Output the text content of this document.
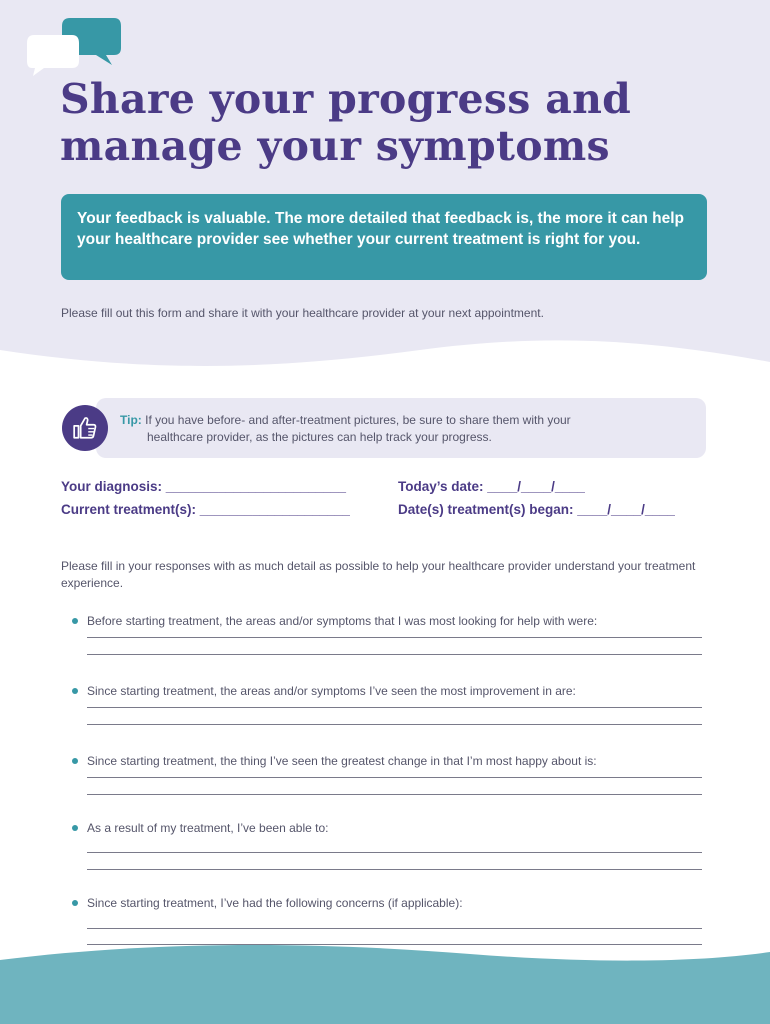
Share your progress and
manage your symptoms
Your feedback is valuable. The more detailed that feedback is, the more it can help your healthcare provider see whether your current treatment is right for you.
Please fill out this form and share it with your healthcare provider at your next appointment.
Tip: If you have before- and after-treatment pictures, be sure to share them with your
healthcare provider, as the pictures can help track your progress.
Your diagnosis: ________________________	Today’s date: ____/____/____
Current treatment(s): ____________________	Date(s) treatment(s) began: ____/____/____
Please fill in your responses with as much detail as possible to help your healthcare provider understand your treatment experience.
Before starting treatment, the areas and/or symptoms that I was most looking for help with were:
Since starting treatment, the areas and/or symptoms I’ve seen the most improvement in are:
Since starting treatment, the thing I’ve seen the greatest change in that I’m most happy about is:
As a result of my treatment, I’ve been able to:
Since starting treatment, I’ve had the following concerns (if applicable):
